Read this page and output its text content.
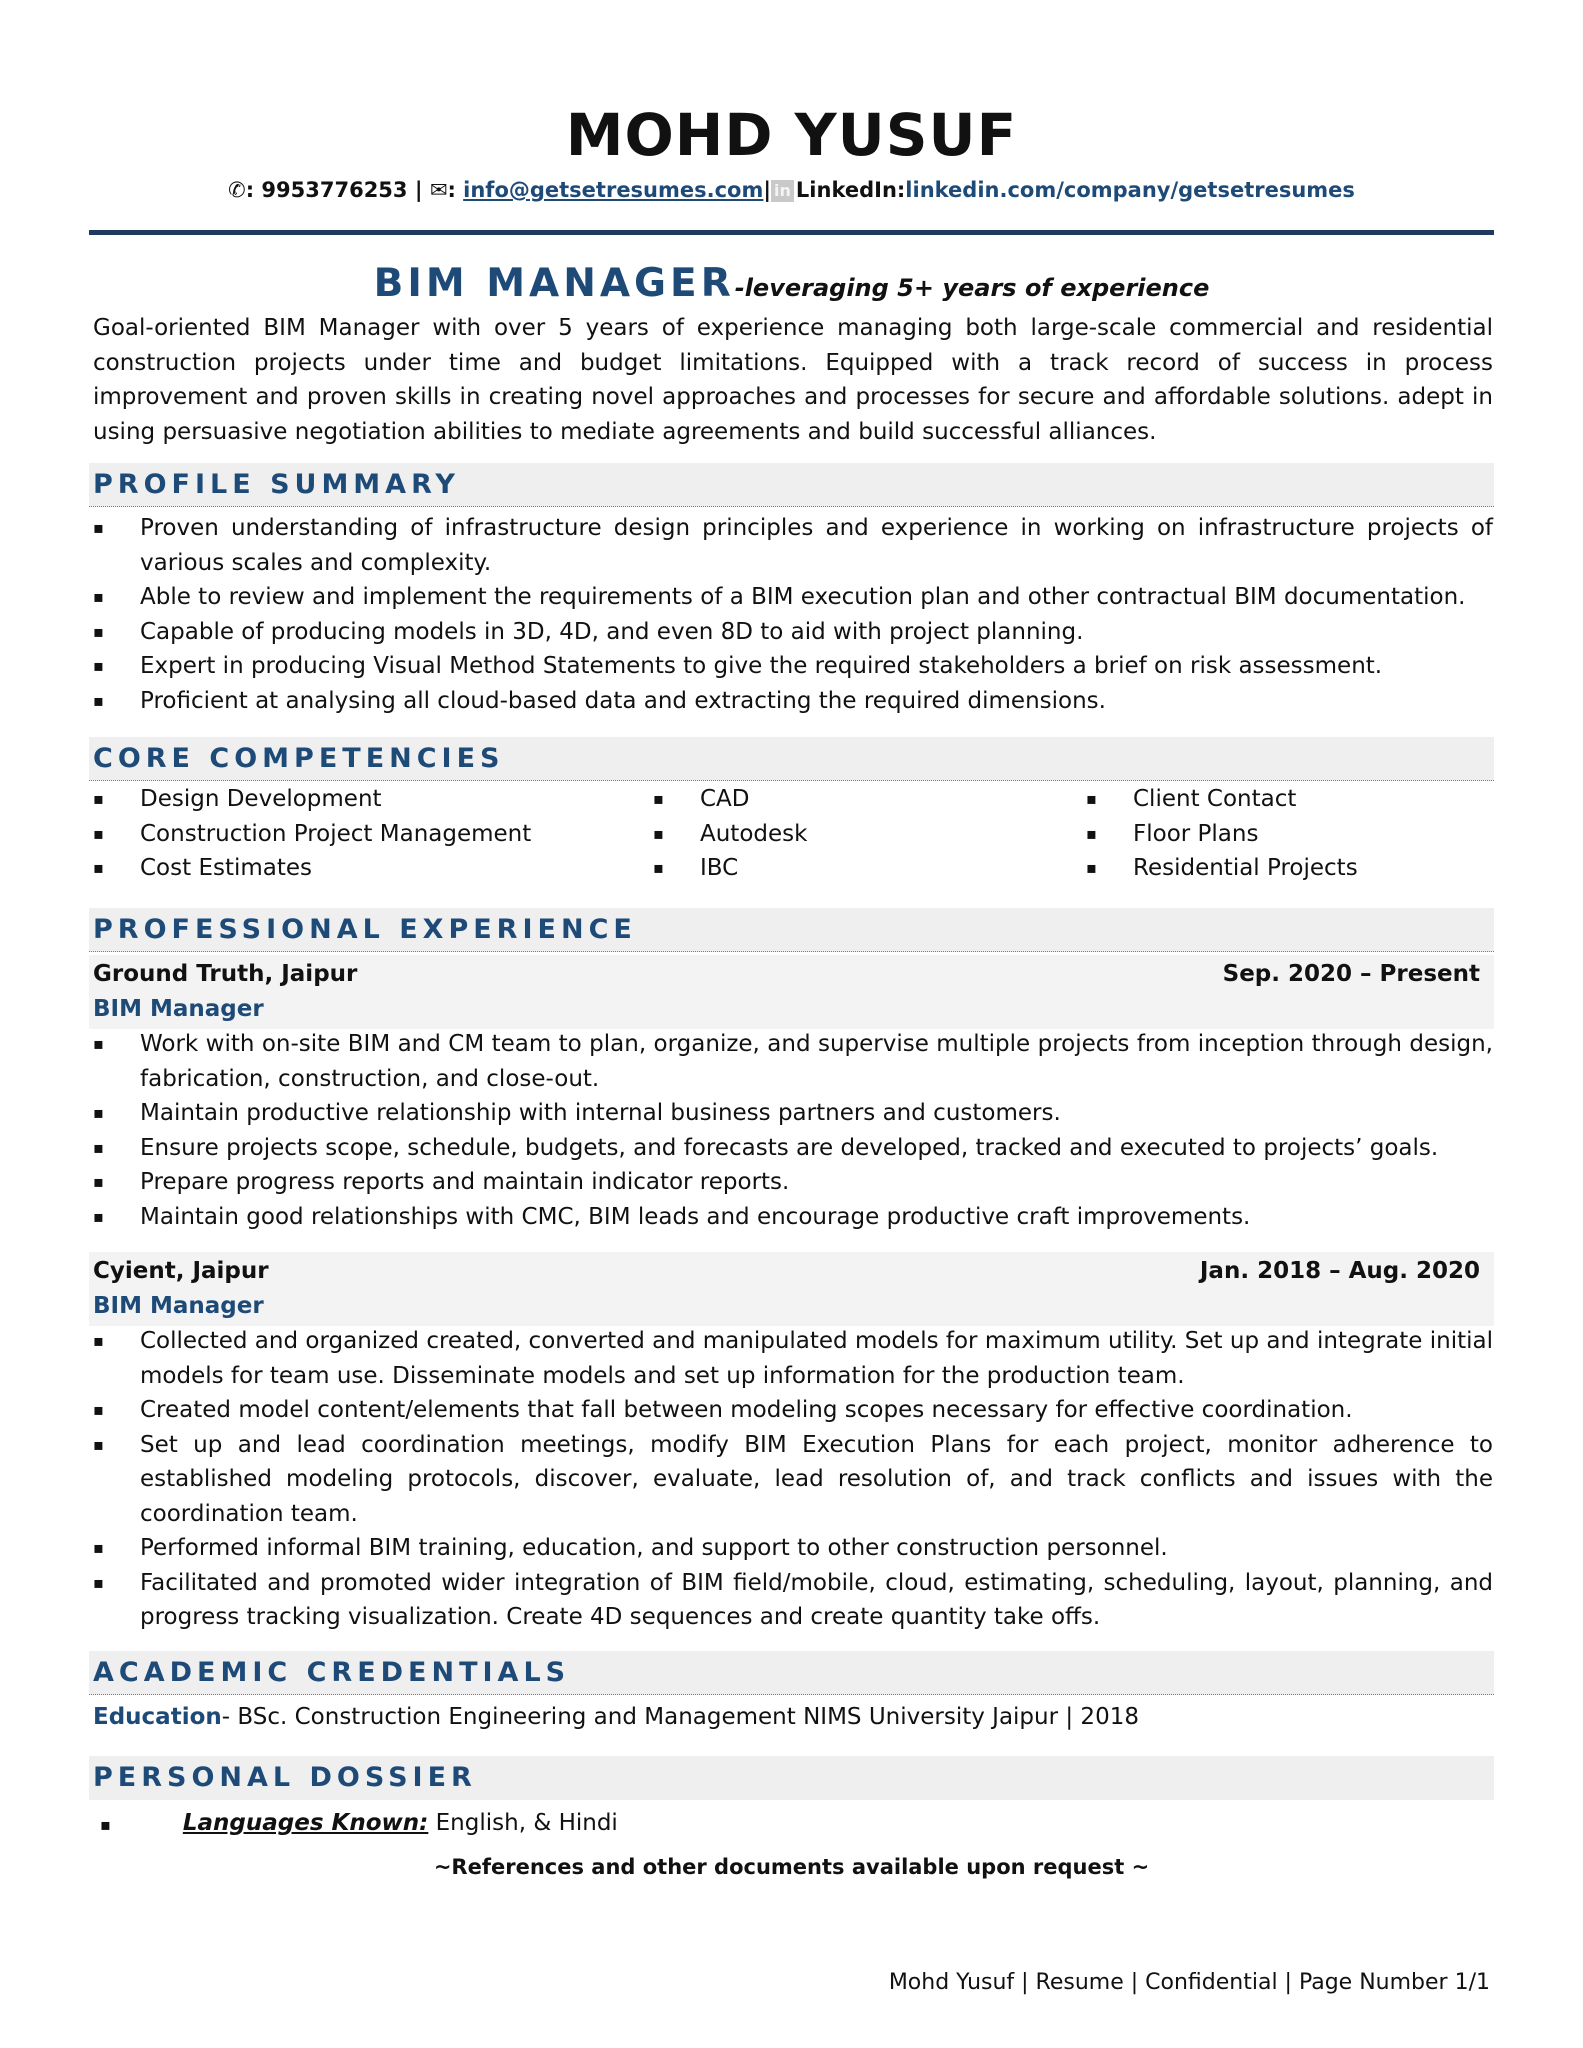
MOHD YUSUF
✆: 9953776253 | ✉: info@getsetresumes.com| in LinkedIn:linkedin.com/company/getsetresumes
BIM MANAGER-leveraging 5+ years of experience
Goal-oriented BIM Manager with over 5 years of experience managing both large-scale commercial and residential construction projects under time and budget limitations. Equipped with a track record of success in process improvement and proven skills in creating novel approaches and processes for secure and affordable solutions. adept in using persuasive negotiation abilities to mediate agreements and build successful alliances.
PROFILE SUMMARY
▪ Proven understanding of infrastructure design principles and experience in working on infrastructure projects of various scales and complexity.
▪ Able to review and implement the requirements of a BIM execution plan and other contractual BIM documentation.
▪ Capable of producing models in 3D, 4D, and even 8D to aid with project planning.
▪ Expert in producing Visual Method Statements to give the required stakeholders a brief on risk assessment.
▪ Proficient at analysing all cloud-based data and extracting the required dimensions.
CORE COMPETENCIES
▪ Design Development
▪ Construction Project Management
▪ Cost Estimates
▪ CAD
▪ Autodesk
▪ IBC
▪ Client Contact
▪ Floor Plans
▪ Residential Projects
PROFESSIONAL EXPERIENCE
Ground Truth, Jaipur	Sep. 2020 – Present
BIM Manager
▪ Work with on-site BIM and CM team to plan, organize, and supervise multiple projects from inception through design, fabrication, construction, and close-out.
▪ Maintain productive relationship with internal business partners and customers.
▪ Ensure projects scope, schedule, budgets, and forecasts are developed, tracked and executed to projects’ goals.
▪ Prepare progress reports and maintain indicator reports.
▪ Maintain good relationships with CMC, BIM leads and encourage productive craft improvements.
Cyient, Jaipur	Jan. 2018 – Aug. 2020
BIM Manager
▪ Collected and organized created, converted and manipulated models for maximum utility. Set up and integrate initial models for team use. Disseminate models and set up information for the production team.
▪ Created model content/elements that fall between modeling scopes necessary for effective coordination.
▪ Set up and lead coordination meetings, modify BIM Execution Plans for each project, monitor adherence to established modeling protocols, discover, evaluate, lead resolution of, and track conflicts and issues with the coordination team.
▪ Performed informal BIM training, education, and support to other construction personnel.
▪ Facilitated and promoted wider integration of BIM field/mobile, cloud, estimating, scheduling, layout, planning, and progress tracking visualization. Create 4D sequences and create quantity take offs.
ACADEMIC CREDENTIALS
Education- BSc. Construction Engineering and Management NIMS University Jaipur | 2018
PERSONAL DOSSIER
▪	Languages Known: English, & Hindi
~References and other documents available upon request ~
Mohd Yusuf | Resume | Confidential | Page Number 1/1
